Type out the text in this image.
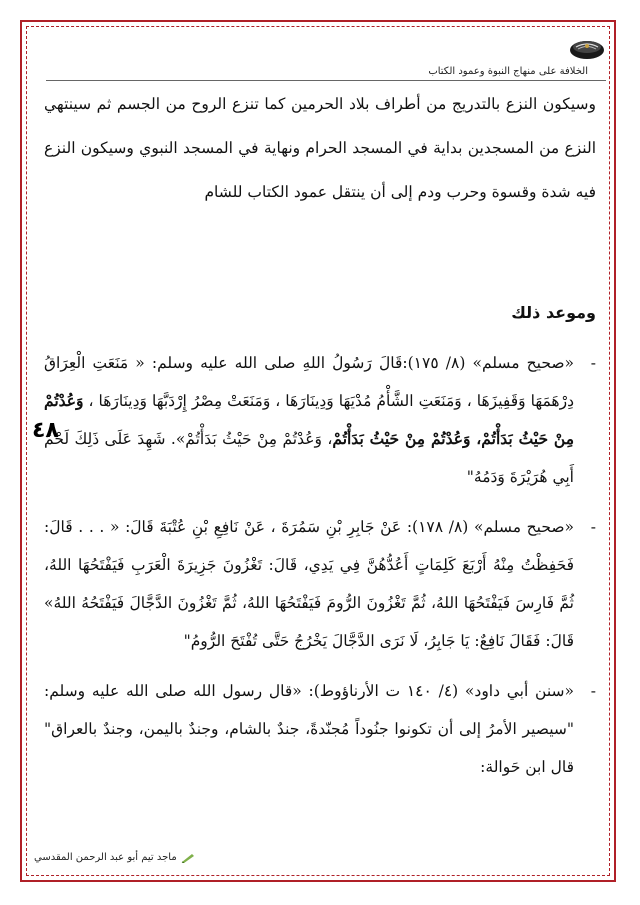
الخلافة على منهاج النبوة وعمود الكتاب

وسيكون النزع بالتدريج من أطراف بلاد الحرمين كما تنزع الروح من الجسم ثم سينتهي النزع من المسجدين بداية في المسجد الحرام ونهاية في المسجد النبوي وسيكون النزع فيه شدة وقسوة وحرب ودم إلى أن ينتقل عمود الكتاب للشام

وموعد ذلك

-
«صحيح مسلم» (٨/ ١٧٥):قَالَ رَسُولُ اللهِ صلى الله عليه وسلم: « مَنَعَتِ الْعِرَاقُ دِرْهَمَهَا وَقَفِيزَهَا ، وَمَنَعَتِ الشَّأْمُ مُدْيَهَا وَدِينَارَهَا ، وَمَنَعَتْ مِصْرُ إِرْدَبَّهَا وَدِينَارَهَا ، وَعُدْتُمْ مِنْ حَيْثُ بَدَأْتُمْ، وَعُدْتُمْ مِنْ حَيْثُ بَدَأْتُمْ، وَعُدْتُمْ مِنْ حَيْثُ بَدَأْتُمْ». شَهِدَ عَلَى ذَلِكَ لَحْمُ أَبِي هُرَيْرَةَ وَدَمُهُ"

-
«صحيح مسلم» (٨/ ١٧٨): عَنْ جَابِرِ بْنِ سَمُرَةَ ، عَنْ نَافِعِ بْنِ عُتْبَةَ قَالَ: « . . . قَالَ: فَحَفِظْتُ مِنْهُ أَرْبَعَ كَلِمَاتٍ أَعُدُّهُنَّ فِي يَدِي، قَالَ: تَغْزُونَ جَزِيرَةَ الْعَرَبِ فَيَفْتَحُهَا اللهُ، ثُمَّ فَارِسَ فَيَفْتَحُهَا اللهُ، ثُمَّ تَغْزُونَ الرُّومَ فَيَفْتَحُهَا اللهُ، ثُمَّ تَغْزُونَ الدَّجَّالَ فَيَفْتَحُهُ اللهُ» قَالَ: فَقَالَ نَافِعٌ: يَا جَابِرُ، لَا نَرَى الدَّجَّالَ يَخْرُجُ حَتَّى تُفْتَحَ الرُّومُ"

-
«سنن أبي داود» (٤/ ١٤٠ ت الأرناؤوط): «قال رسول الله صلى الله عليه وسلم: "سيصير الأمرُ إلى أن تكونوا جنُوداً مُجنّدةً، جندٌ بالشام، وجندٌ باليمن، وجندٌ بالعراق" قال ابن حَوالة:

٤٨
ماجد تيم أبو عبد الرحمن المقدسي
